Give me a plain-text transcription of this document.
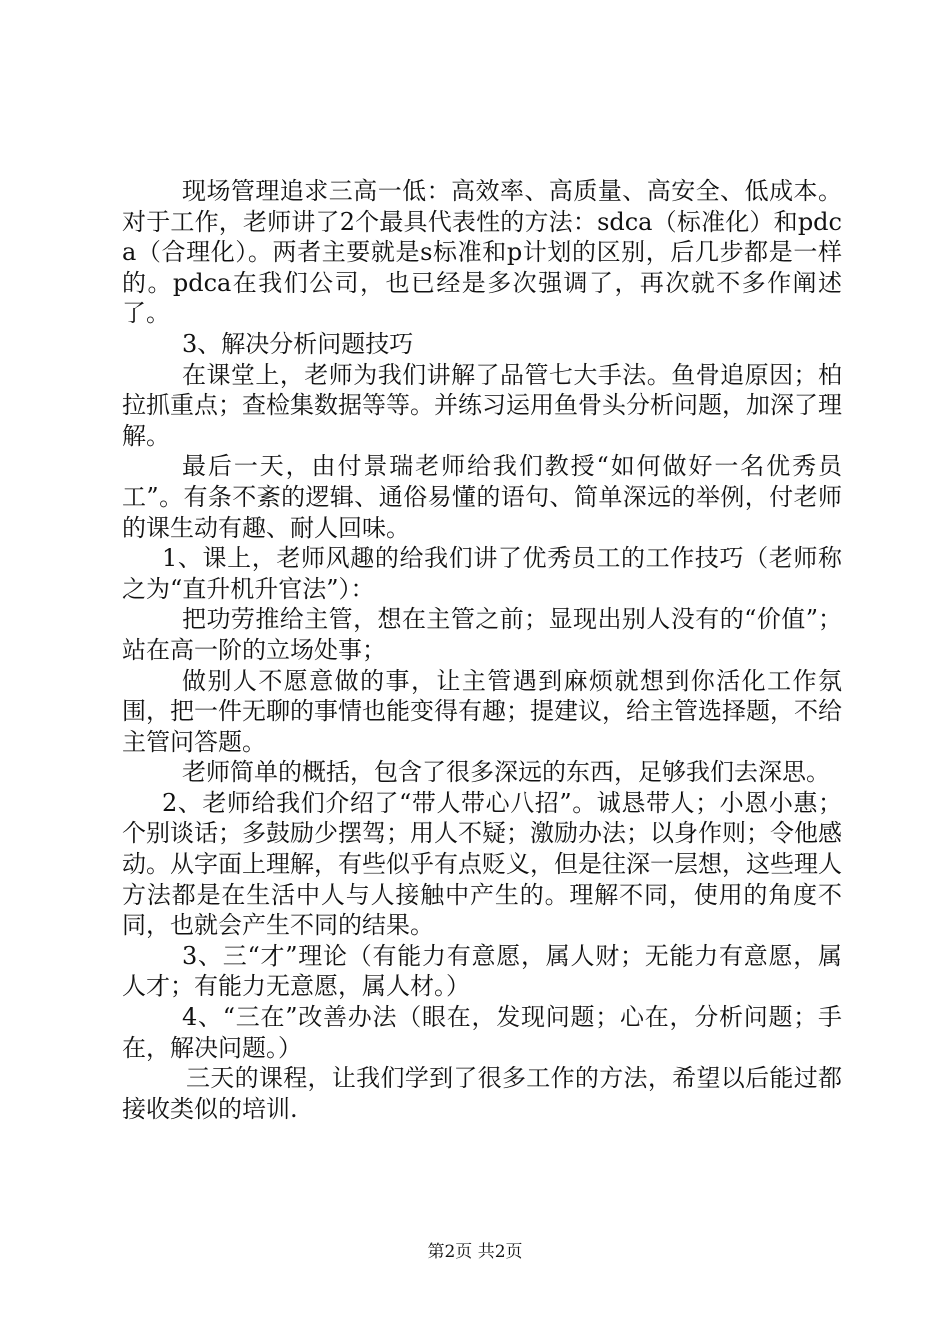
现场管理追求三高一低：高效率、高质量、高安全、低成本。对于工作，老师讲了2个最具代表性的方法：sdca（标准化）和pdca（合理化）。两者主要就是s标准和p计划的区别，后几步都是一样的。pdca在我们公司，也已经是多次强调了，再次就不多作阐述了。

3、解决分析问题技巧

在课堂上，老师为我们讲解了品管七大手法。鱼骨追原因；柏拉抓重点；查检集数据等等。并练习运用鱼骨头分析问题，加深了理解。

最后一天，由付景瑞老师给我们教授“如何做好一名优秀员工”。有条不紊的逻辑、通俗易懂的语句、简单深远的举例，付老师的课生动有趣、耐人回味。

1、课上，老师风趣的给我们讲了优秀员工的工作技巧（老师称之为“直升机升官法”）：

把功劳推给主管，想在主管之前；显现出别人没有的“价值”；站在高一阶的立场处事；

做别人不愿意做的事，让主管遇到麻烦就想到你活化工作氛围，把一件无聊的事情也能变得有趣；提建议，给主管选择题，不给主管问答题。

老师简单的概括，包含了很多深远的东西，足够我们去深思。

2、老师给我们介绍了“带人带心八招”。诚恳带人；小恩小惠；个别谈话；多鼓励少摆驾；用人不疑；激励办法；以身作则；令他感动。从字面上理解，有些似乎有点贬义，但是往深一层想，这些理人方法都是在生活中人与人接触中产生的。理解不同，使用的角度不同，也就会产生不同的结果。

3、三“才”理论（有能力有意愿，属人财；无能力有意愿，属人才；有能力无意愿，属人材。）

4、“三在”改善办法（眼在，发现问题；心在，分析问题；手在，解决问题。）

三天的课程，让我们学到了很多工作的方法，希望以后能过都接收类似的培训.

第2页 共2页
